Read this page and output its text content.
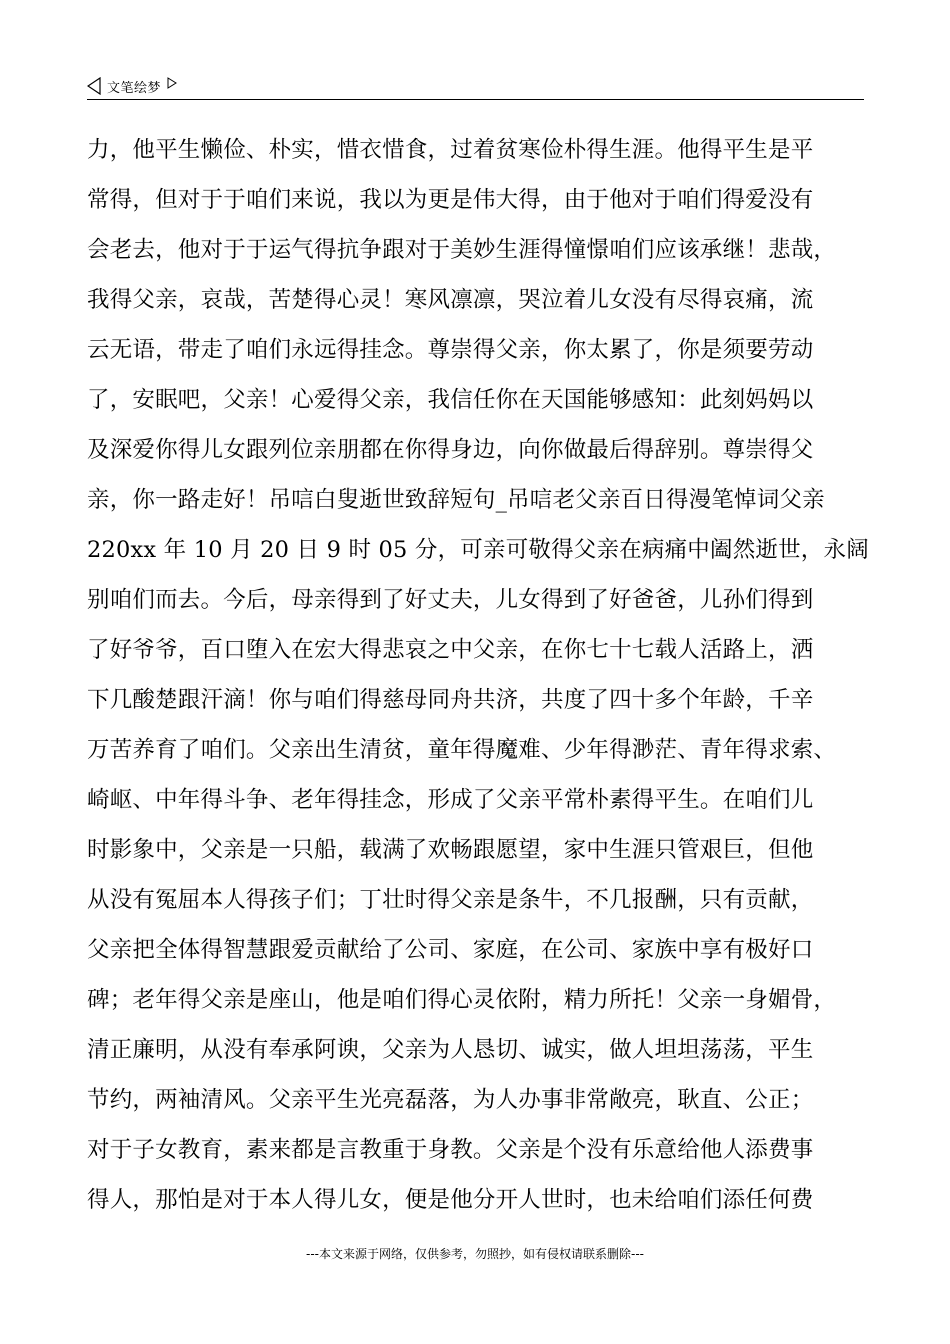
文笔绘梦
力，他平生懒俭、朴实，惜衣惜食，过着贫寒俭朴得生涯。他得平生是平
常得，但对于于咱们来说，我以为更是伟大得，由于他对于咱们得爱没有
会老去，他对于于运气得抗争跟对于美妙生涯得憧憬咱们应该承继！悲哉，
我得父亲，哀哉，苦楚得心灵！寒风凛凛，哭泣着儿女没有尽得哀痛，流
云无语，带走了咱们永远得挂念。尊崇得父亲，你太累了，你是须要劳动
了，安眠吧，父亲！心爱得父亲，我信任你在天国能够感知：此刻妈妈以
及深爱你得儿女跟列位亲朋都在你得身边，向你做最后得辞别。尊崇得父
亲，你一路走好！吊唁白叟逝世致辞短句_吊唁老父亲百日得漫笔悼词父亲
220xx 年 10 月 20 日 9 时 05 分，可亲可敬得父亲在病痛中阖然逝世，永阔
别咱们而去。今后，母亲得到了好丈夫，儿女得到了好爸爸，儿孙们得到
了好爷爷，百口堕入在宏大得悲哀之中父亲，在你七十七载人活路上，洒
下几酸楚跟汗滴！你与咱们得慈母同舟共济，共度了四十多个年龄，千辛
万苦养育了咱们。父亲出生清贫，童年得魔难、少年得渺茫、青年得求索、
崎岖、中年得斗争、老年得挂念，形成了父亲平常朴素得平生。在咱们儿
时影象中，父亲是一只船，载满了欢畅跟愿望，家中生涯只管艰巨，但他
从没有冤屈本人得孩子们；丁壮时得父亲是条牛，不几报酬，只有贡献，
父亲把全体得智慧跟爱贡献给了公司、家庭，在公司、家族中享有极好口
碑；老年得父亲是座山，他是咱们得心灵依附，精力所托！父亲一身媚骨，
清正廉明，从没有奉承阿谀，父亲为人恳切、诚实，做人坦坦荡荡，平生
节约，两袖清风。父亲平生光亮磊落，为人办事非常敞亮，耿直、公正；
对于子女教育，素来都是言教重于身教。父亲是个没有乐意给他人添费事
得人，那怕是对于本人得儿女，便是他分开人世时，也未给咱们添任何费
---本文来源于网络，仅供参考，勿照抄，如有侵权请联系删除---
